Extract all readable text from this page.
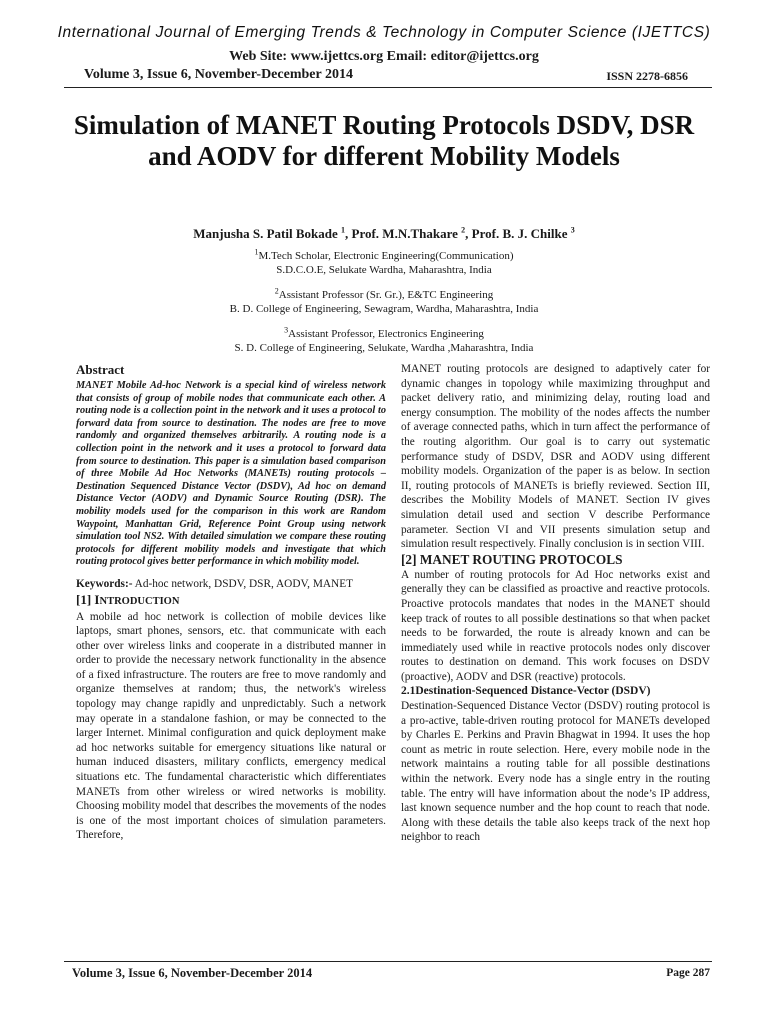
International Journal of Emerging Trends & Technology in Computer Science (IJETTCS)
Web Site: www.ijettcs.org Email: editor@ijettcs.org
Volume 3, Issue 6, November-December 2014	ISSN 2278-6856
Simulation of MANET Routing Protocols DSDV, DSR and AODV for different Mobility Models
Manjusha S. Patil Bokade $^1$, Prof. M.N.Thakare $^2$, Prof. B. J. Chilke $^3$
$^1$M.Tech Scholar, Electronic Engineering(Communication)
S.D.C.O.E, Selukate Wardha, Maharashtra, India
$^2$Assistant Professor (Sr. Gr.), E&TC Engineering
B. D. College of Engineering, Sewagram, Wardha, Maharashtra, India
$^3$Assistant Professor, Electronics Engineering
S. D. College of Engineering, Selukate, Wardha ,Maharashtra, India

Abstract

MANET Mobile Ad-hoc Network is a special kind of wireless network that consists of group of mobile nodes that communicate each other. A routing node is a collection point in the network and it uses a protocol to forward data from source to destination. The nodes are free to move randomly and organized themselves arbitrarily. A routing node is a collection point in the network and it uses a protocol to forward data from source to destination. This paper is a simulation based comparison of three Mobile Ad Hoc Networks (MANETs) routing protocols – Destination Sequenced Distance Vector (DSDV), Ad hoc on demand Distance Vector (AODV) and Dynamic Source Routing (DSR). The mobility models used for the comparison in this work are Random Waypoint, Manhattan Grid, Reference Point Group using network simulation tool NS2. With detailed simulation we compare these routing protocols for different mobility models and investigate that which routing protocol gives better performance in which mobility model.

Keywords:- Ad-hoc network, DSDV, DSR, AODV, MANET

[1] INTRODUCTION

A mobile ad hoc network is collection of mobile devices like laptops, smart phones, sensors, etc. that communicate with each other over wireless links and cooperate in a distributed manner in order to provide the necessary network functionality in the absence of a fixed infrastructure. The routers are free to move randomly and organize themselves at random; thus, the network's wireless topology may change rapidly and unpredictably. Such a network may operate in a standalone fashion, or may be connected to the larger Internet. Minimal configuration and quick deployment make ad hoc networks suitable for emergency situations like natural or human induced disasters, military conflicts, emergency medical situations etc. The fundamental characteristic which differentiates MANETs from other wireless or wired networks is mobility. Choosing mobility model that describes the movements of the nodes is one of the most important choices of simulation parameters. Therefore,

MANET routing protocols are designed to adaptively cater for dynamic changes in topology while maximizing throughput and packet delivery ratio, and minimizing delay, routing load and energy consumption. The mobility of the nodes affects the number of average connected paths, which in turn affect the performance of the routing algorithm. Our goal is to carry out systematic performance study of DSDV, DSR and AODV using different mobility models. Organization of the paper is as below. In section II, routing protocols of MANETs is briefly reviewed. Section III, describes the Mobility Models of MANET. Section IV gives simulation detail used and section V describe Performance parameter. Section VI and VII presents simulation setup and simulation result respectively. Finally conclusion is in section VIII.

[2] MANET ROUTING PROTOCOLS

A number of routing protocols for Ad Hoc networks exist and generally they can be classified as proactive and reactive protocols. Proactive protocols mandates that nodes in the MANET should keep track of routes to all possible destinations so that when packet needs to be forwarded, the route is already known and can be immediately used while in reactive protocols nodes only discover routes to destination on demand. This work focuses on DSDV (proactive), AODV and DSR (reactive) protocols.

2.1Destination-Sequenced Distance-Vector (DSDV)

Destination-Sequenced Distance Vector (DSDV) routing protocol is a pro-active, table-driven routing protocol for MANETs developed by Charles E. Perkins and Pravin Bhagwat in 1994. It uses the hop count as metric in route selection. Here, every mobile node in the network maintains a routing table for all possible destinations within the network. Every node has a single entry in the routing table. The entry will have information about the node’s IP address, last known sequence number and the hop count to reach that node. Along with these details the table also keeps track of the next hop neighbor to reach

Volume 3, Issue 6, November-December 2014	Page 287
